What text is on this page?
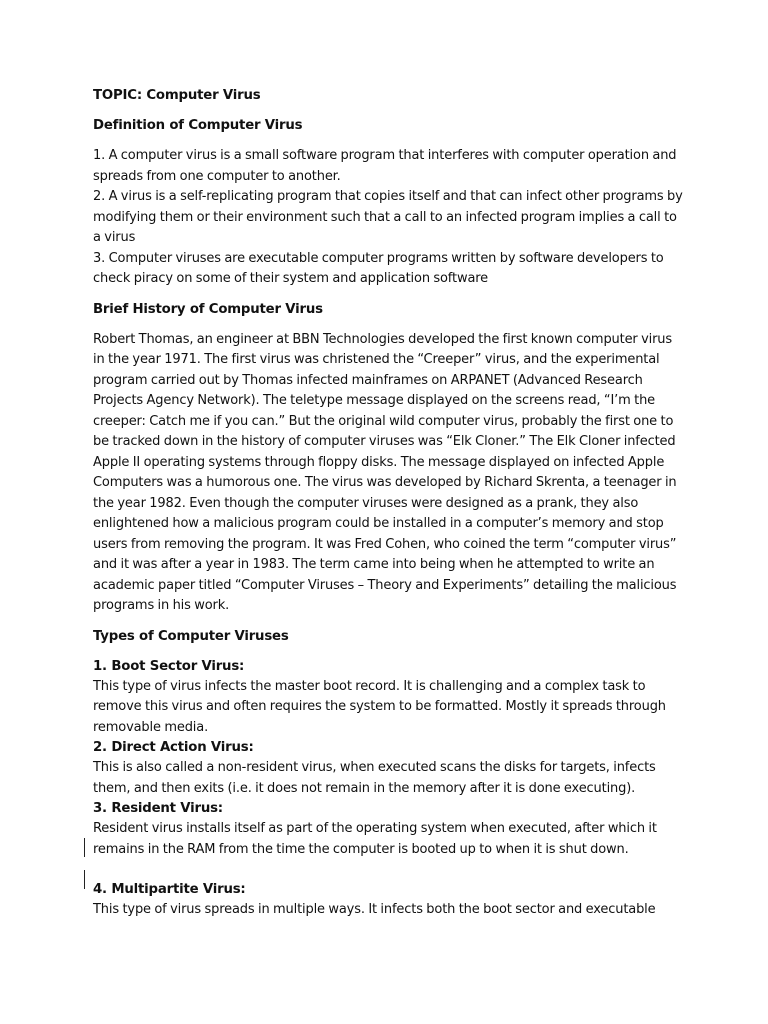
TOPIC: Computer Virus

Definition of Computer Virus

1. A computer virus is a small software program that interferes with computer operation and spreads from one computer to another.

2. A virus is a self-replicating program that copies itself and that can infect other programs by modifying them or their environment such that a call to an infected program implies a call to a virus

3. Computer viruses are executable computer programs written by software developers to check piracy on some of their system and application software

Brief History of Computer Virus

Robert Thomas, an engineer at BBN Technologies developed the first known computer virus in the year 1971. The first virus was christened the “Creeper” virus, and the experimental program carried out by Thomas infected mainframes on ARPANET (Advanced Research Projects Agency Network). The teletype message displayed on the screens read, “I’m the creeper: Catch me if you can.” But the original wild computer virus, probably the first one to be tracked down in the history of computer viruses was “Elk Cloner.” The Elk Cloner infected Apple II operating systems through floppy disks. The message displayed on infected Apple Computers was a humorous one. The virus was developed by Richard Skrenta, a teenager in the year 1982. Even though the computer viruses were designed as a prank, they also enlightened how a malicious program could be installed in a computer’s memory and stop users from removing the program. It was Fred Cohen, who coined the term “computer virus” and it was after a year in 1983. The term came into being when he attempted to write an academic paper titled “Computer Viruses – Theory and Experiments” detailing the malicious programs in his work.

Types of Computer Viruses

1. Boot Sector Virus:

This type of virus infects the master boot record. It is challenging and a complex task to remove this virus and often requires the system to be formatted. Mostly it spreads through removable media.

2. Direct Action Virus:

This is also called a non-resident virus, when executed scans the disks for targets, infects them, and then exits (i.e. it does not remain in the memory after it is done executing).

3. Resident Virus:

Resident virus installs itself as part of the operating system when executed, after which it remains in the RAM from the time the computer is booted up to when it is shut down.

4. Multipartite Virus:

This type of virus spreads in multiple ways. It infects both the boot sector and executable
